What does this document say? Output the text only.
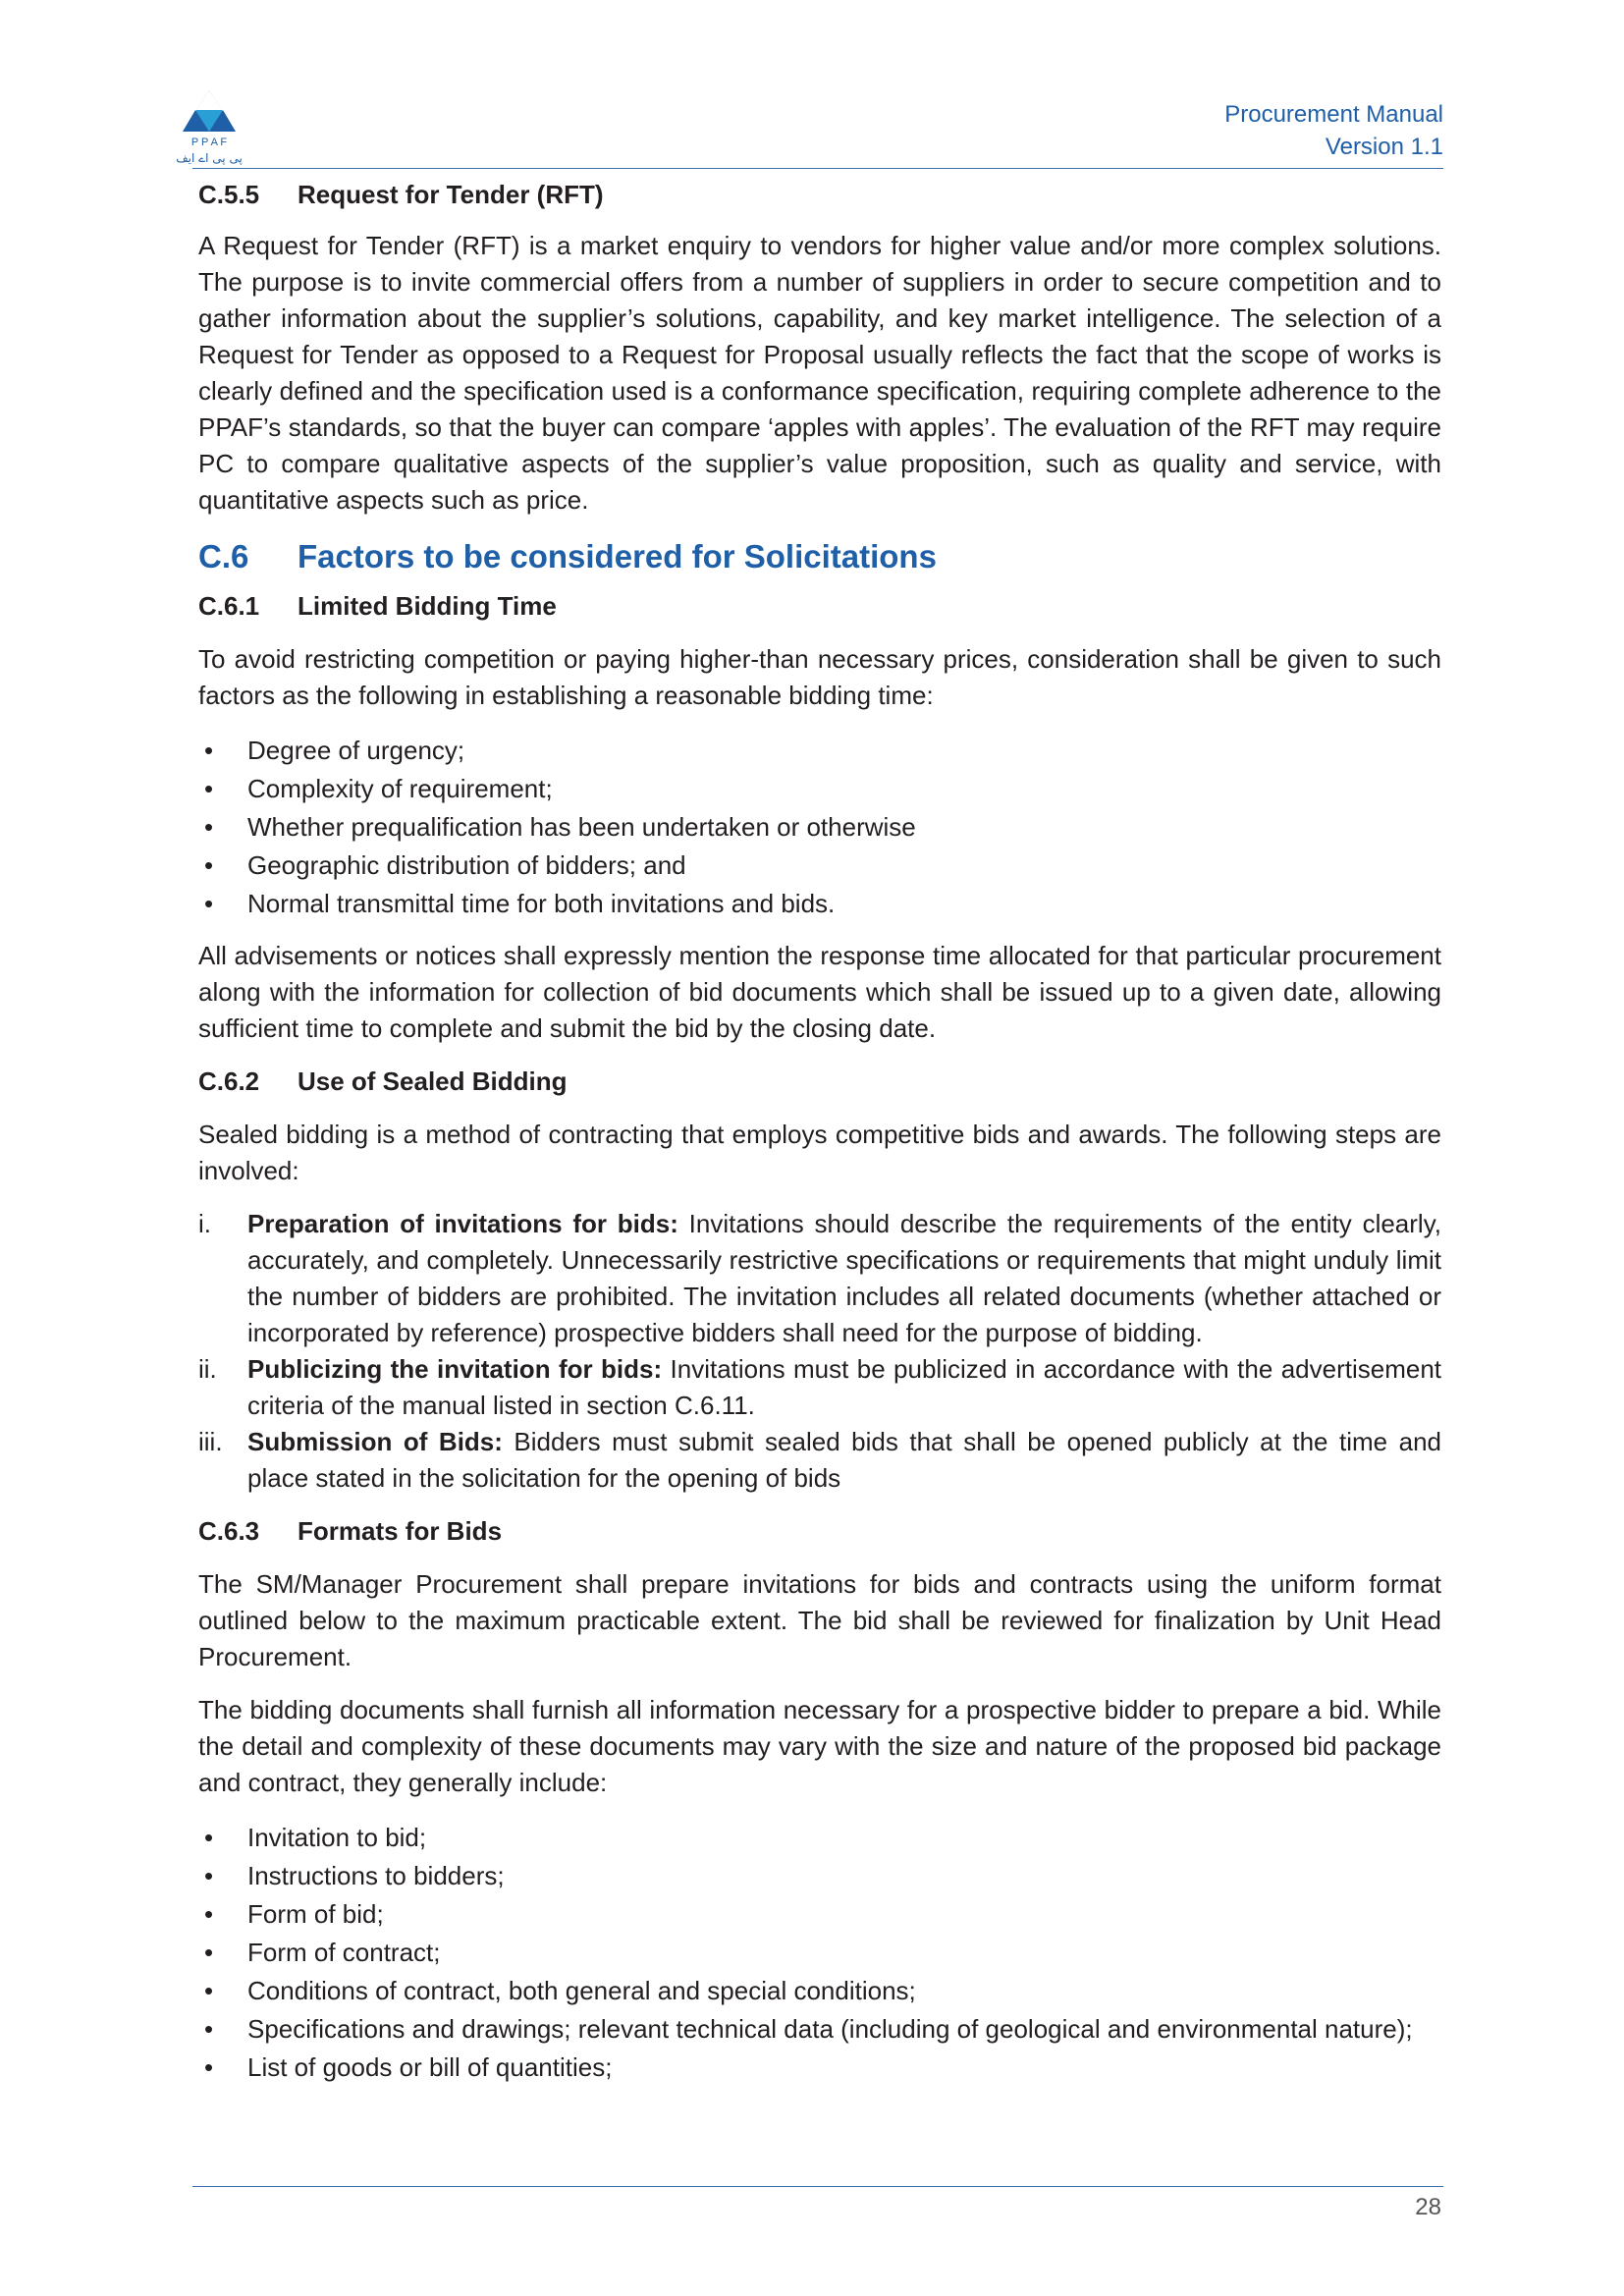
P P A F
پی پی اے ایف
Procurement Manual
Version 1.1
C.5.5 Request for Tender (RFT)

A Request for Tender (RFT) is a market enquiry to vendors for higher value and/or more complex solutions. The purpose is to invite commercial offers from a number of suppliers in order to secure competition and to gather information about the supplier’s solutions, capability, and key market intelligence. The selection of a Request for Tender as opposed to a Request for Proposal usually reflects the fact that the scope of works is clearly defined and the specification used is a conformance specification, requiring complete adherence to the PPAF’s standards, so that the buyer can compare ‘apples with apples’. The evaluation of the RFT may require PC to compare qualitative aspects of the supplier’s value proposition, such as quality and service, with quantitative aspects such as price.

C.6 Factors to be considered for Solicitations
C.6.1 Limited Bidding Time

To avoid restricting competition or paying higher-than necessary prices, consideration shall be given to such factors as the following in establishing a reasonable bidding time:

• Degree of urgency;
• Complexity of requirement;
• Whether prequalification has been undertaken or otherwise
• Geographic distribution of bidders; and
• Normal transmittal time for both invitations and bids.

All advisements or notices shall expressly mention the response time allocated for that particular procurement along with the information for collection of bid documents which shall be issued up to a given date, allowing sufficient time to complete and submit the bid by the closing date.

C.6.2 Use of Sealed Bidding

Sealed bidding is a method of contracting that employs competitive bids and awards. The following steps are involved:

i. Preparation of invitations for bids: Invitations should describe the requirements of the entity clearly, accurately, and completely. Unnecessarily restrictive specifications or requirements that might unduly limit the number of bidders are prohibited. The invitation includes all related documents (whether attached or incorporated by reference) prospective bidders shall need for the purpose of bidding.
ii. Publicizing the invitation for bids: Invitations must be publicized in accordance with the advertisement criteria of the manual listed in section C.6.11.
iii. Submission of Bids: Bidders must submit sealed bids that shall be opened publicly at the time and place stated in the solicitation for the opening of bids
C.6.3 Formats for Bids

The SM/Manager Procurement shall prepare invitations for bids and contracts using the uniform format outlined below to the maximum practicable extent. The bid shall be reviewed for finalization by Unit Head Procurement.

The bidding documents shall furnish all information necessary for a prospective bidder to prepare a bid. While the detail and complexity of these documents may vary with the size and nature of the proposed bid package and contract, they generally include:

• Invitation to bid;
• Instructions to bidders;
• Form of bid;
• Form of contract;
• Conditions of contract, both general and special conditions;
• Specifications and drawings; relevant technical data (including of geological and environmental nature);
• List of goods or bill of quantities;
28
